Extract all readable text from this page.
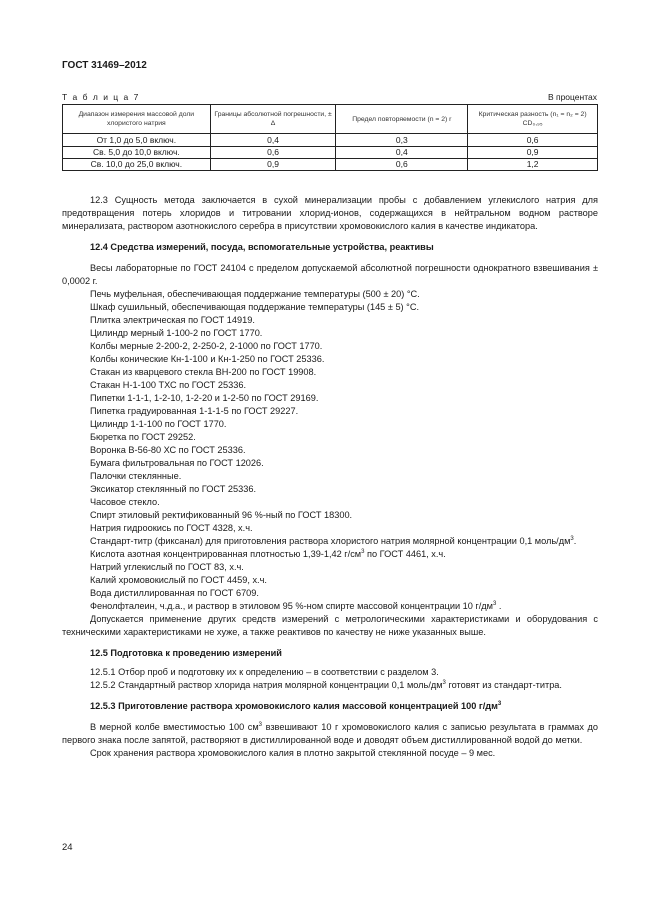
ГОСТ 31469–2012
Т а б л и ц а 7	В процентах
Диапазон измерения массовой доли хлористого натрия	Границы абсолютной погрешности, ± Δ	Предел повторяемости (n = 2) r	Критическая разность (n₁ = n₂ = 2) CD₀,₉₅
От 1,0 до 5,0 включ.	0,4	0,3	0,6
Св. 5,0 до 10,0 включ.	0,6	0,4	0,9
Св. 10,0 до 25,0 включ.	0,9	0,6	1,2

12.3 Сущность метода заключается в сухой минерализации пробы с добавлением углекислого натрия для предотвращения потерь хлоридов и титровании хлорид-ионов, содержащихся в нейтральном водном растворе минерализата, раствором азотнокислого серебра в присутствии хромовокислого калия в качестве индикатора.

12.4 Средства измерений, посуда, вспомогательные устройства, реактивы

Весы лабораторные по ГОСТ 24104 с пределом допускаемой абсолютной погрешности однократного взвешивания ± 0,0002 г.

Печь муфельная, обеспечивающая поддержание температуры (500 ± 20) °С.

Шкаф сушильный, обеспечивающая поддержание температуры (145 ± 5) °С.

Плитка электрическая по ГОСТ 14919.

Цилиндр мерный 1-100-2 по ГОСТ 1770.

Колбы мерные 2-200-2, 2-250-2, 2-1000 по ГОСТ 1770.

Колбы конические Кн-1-100 и Кн-1-250 по ГОСТ 25336.

Стакан из кварцевого стекла ВН-200 по ГОСТ 19908.

Стакан Н-1-100 ТХС по ГОСТ 25336.

Пипетки 1-1-1, 1-2-10, 1-2-20 и 1-2-50 по ГОСТ 29169.

Пипетка градуированная 1-1-1-5 по ГОСТ 29227.

Цилиндр 1-1-100 по ГОСТ 1770.

Бюретка по ГОСТ 29252.

Воронка В-56-80 ХС по ГОСТ 25336.

Бумага фильтровальная по ГОСТ 12026.

Палочки стеклянные.

Эксикатор стеклянный по ГОСТ 25336.

Часовое стекло.

Спирт этиловый ректификованный 96 %-ный по ГОСТ 18300.

Натрия гидроокись по ГОСТ 4328, х.ч.

Стандарт-титр (фиксанал) для приготовления раствора хлористого натрия молярной концентрации 0,1 моль/$дм^3$.

Кислота азотная концентрированная плотностью 1,39-1,42 $г/см^3$ по ГОСТ 4461, х.ч.

Натрий углекислый по ГОСТ 83, х.ч.

Калий хромовокислый по ГОСТ 4459, х.ч.

Вода дистиллированная по ГОСТ 6709.

Фенолфталеин, ч.д.а., и раствор в этиловом 95 %-ном спирте массовой концентрации 10 $г/дм^3$ .

Допускается применение других средств измерений с метрологическими характеристиками и оборудования с техническими характеристиками не хуже, а также реактивов по качеству не ниже указанных выше.

12.5 Подготовка к проведению измерений

12.5.1 Отбор проб и подготовку их к определению – в соответствии с разделом 3.

12.5.2 Стандартный раствор хлорида натрия молярной концентрации 0,1 моль/$дм^3$ готовят из стандарт-титра.

12.5.3 Приготовление раствора хромовокислого калия массовой концентрацией 100 $г/дм^3$

В мерной колбе вместимостью 100 $см^3$ взвешивают 10 г хромовокислого калия с записью результата в граммах до первого знака после запятой, растворяют в дистиллированной воде и доводят объем дистиллированной водой до метки.

Срок хранения раствора хромовокислого калия в плотно закрытой стеклянной посуде – 9 мес.

24
